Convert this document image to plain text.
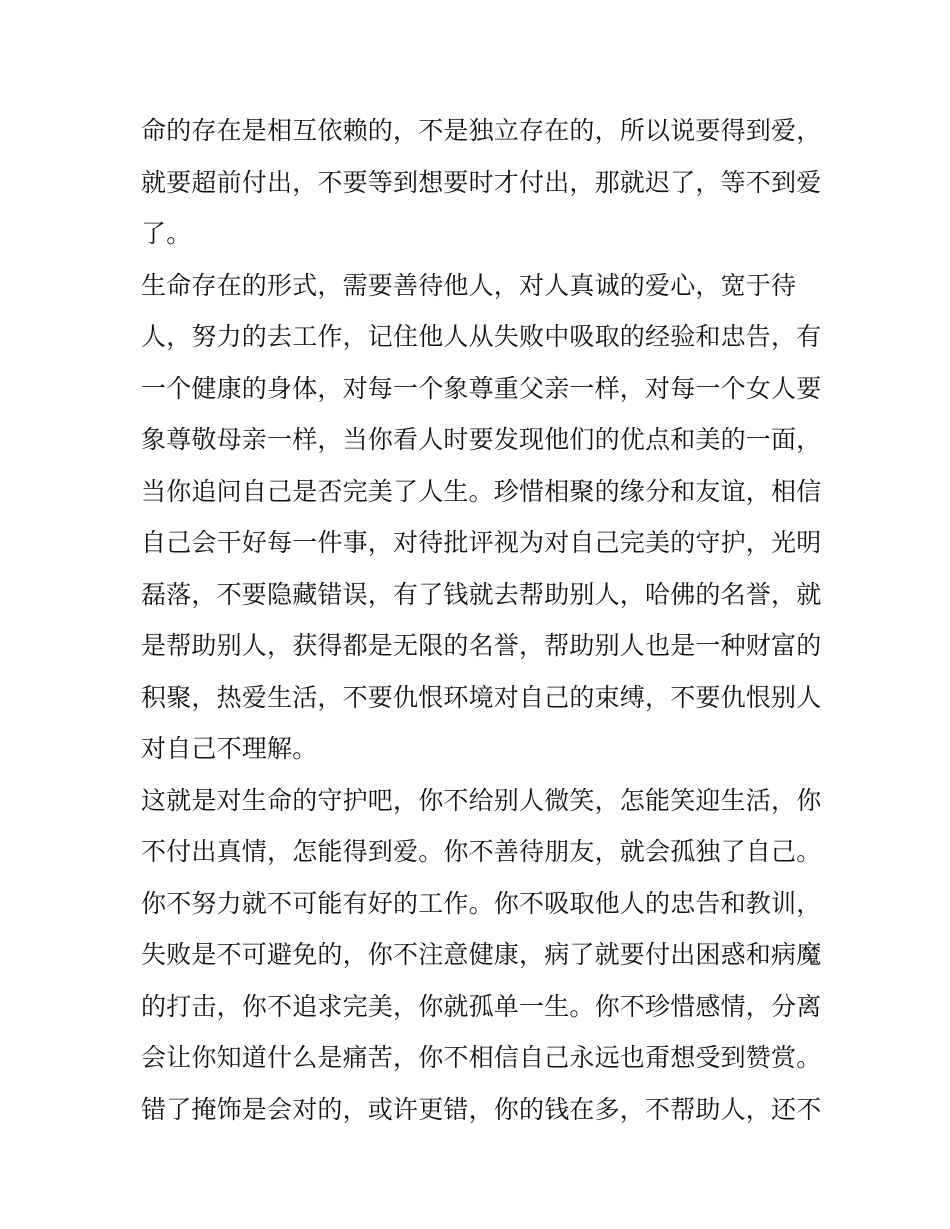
命的存在是相互依赖的，不是独立存在的，所以说要得到爱，
就要超前付出，不要等到想要时才付出，那就迟了，等不到爱
了。
生命存在的形式，需要善待他人，对人真诚的爱心，宽于待
人，努力的去工作，记住他人从失败中吸取的经验和忠告，有
一个健康的身体，对每一个象尊重父亲一样，对每一个女人要
象尊敬母亲一样，当你看人时要发现他们的优点和美的一面，
当你追问自己是否完美了人生。珍惜相聚的缘分和友谊，相信
自己会干好每一件事，对待批评视为对自己完美的守护，光明
磊落，不要隐藏错误，有了钱就去帮助别人，哈佛的名誉，就
是帮助别人，获得都是无限的名誉，帮助别人也是一种财富的
积聚，热爱生活，不要仇恨环境对自己的束缚，不要仇恨别人
对自己不理解。
这就是对生命的守护吧，你不给别人微笑，怎能笑迎生活，你
不付出真情，怎能得到爱。你不善待朋友，就会孤独了自己。
你不努力就不可能有好的工作。你不吸取他人的忠告和教训，
失败是不可避免的，你不注意健康，病了就要付出困惑和病魔
的打击，你不追求完美，你就孤单一生。你不珍惜感情，分离
会让你知道什么是痛苦，你不相信自己永远也甭想受到赞赏。
错了掩饰是会对的，或许更错，你的钱在多，不帮助人，还不
